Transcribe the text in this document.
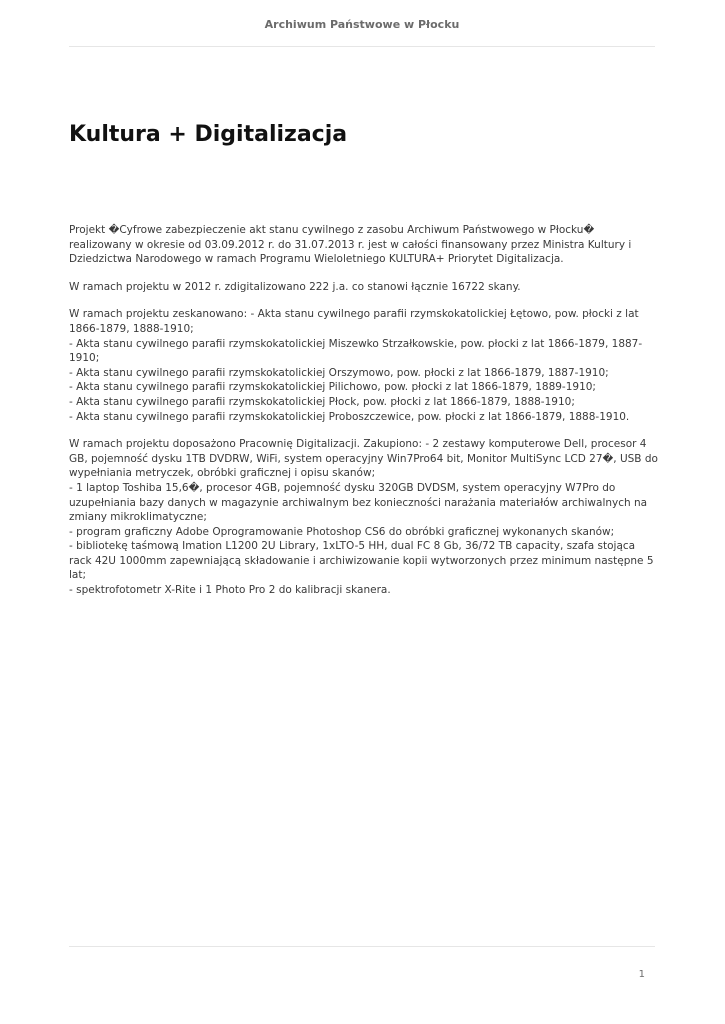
Archiwum Państwowe w Płocku
Kultura + Digitalizacja

Projekt �Cyfrowe zabezpieczenie akt stanu cywilnego z zasobu Archiwum Państwowego w Płocku� realizowany w okresie od 03.09.2012 r. do 31.07.2013 r. jest w całości finansowany przez Ministra Kultury i Dziedzictwa Narodowego w ramach Programu Wieloletniego KULTURA+ Priorytet Digitalizacja.

W ramach projektu w 2012 r. zdigitalizowano 222 j.a. co stanowi łącznie 16722 skany.

W ramach projektu zeskanowano: - Akta stanu cywilnego parafii rzymskokatolickiej Łętowo, pow. płocki z lat 1866-1879, 1888-1910;
- Akta stanu cywilnego parafii rzymskokatolickiej Miszewko Strzałkowskie, pow. płocki z lat 1866-1879, 1887-1910;
- Akta stanu cywilnego parafii rzymskokatolickiej Orszymowo, pow. płocki z lat 1866-1879, 1887-1910;
- Akta stanu cywilnego parafii rzymskokatolickiej Pilichowo, pow. płocki z lat 1866-1879, 1889-1910;
- Akta stanu cywilnego parafii rzymskokatolickiej Płock, pow. płocki z lat 1866-1879, 1888-1910;
- Akta stanu cywilnego parafii rzymskokatolickiej Proboszczewice, pow. płocki z lat 1866-1879, 1888-1910.

W ramach projektu doposażono Pracownię Digitalizacji. Zakupiono: - 2 zestawy komputerowe Dell, procesor 4 GB, pojemność dysku 1TB DVDRW, WiFi, system operacyjny Win7Pro64 bit, Monitor MultiSync LCD 27�, USB do wypełniania metryczek, obróbki graficznej i opisu skanów;
- 1 laptop Toshiba 15,6�, procesor 4GB, pojemność dysku 320GB DVDSM, system operacyjny W7Pro do uzupełniania bazy danych w magazynie archiwalnym bez konieczności narażania materiałów archiwalnych na zmiany mikroklimatyczne;
- program graficzny Adobe Oprogramowanie Photoshop CS6 do obróbki graficznej wykonanych skanów;
- bibliotekę taśmową Imation L1200 2U Library, 1xLTO-5 HH, dual FC 8 Gb, 36/72 TB capacity, szafa stojąca rack 42U 1000mm zapewniającą składowanie i archiwizowanie kopii wytworzonych przez minimum następne 5 lat;
- spektrofotometr X-Rite i 1 Photo Pro 2 do kalibracji skanera.

1
